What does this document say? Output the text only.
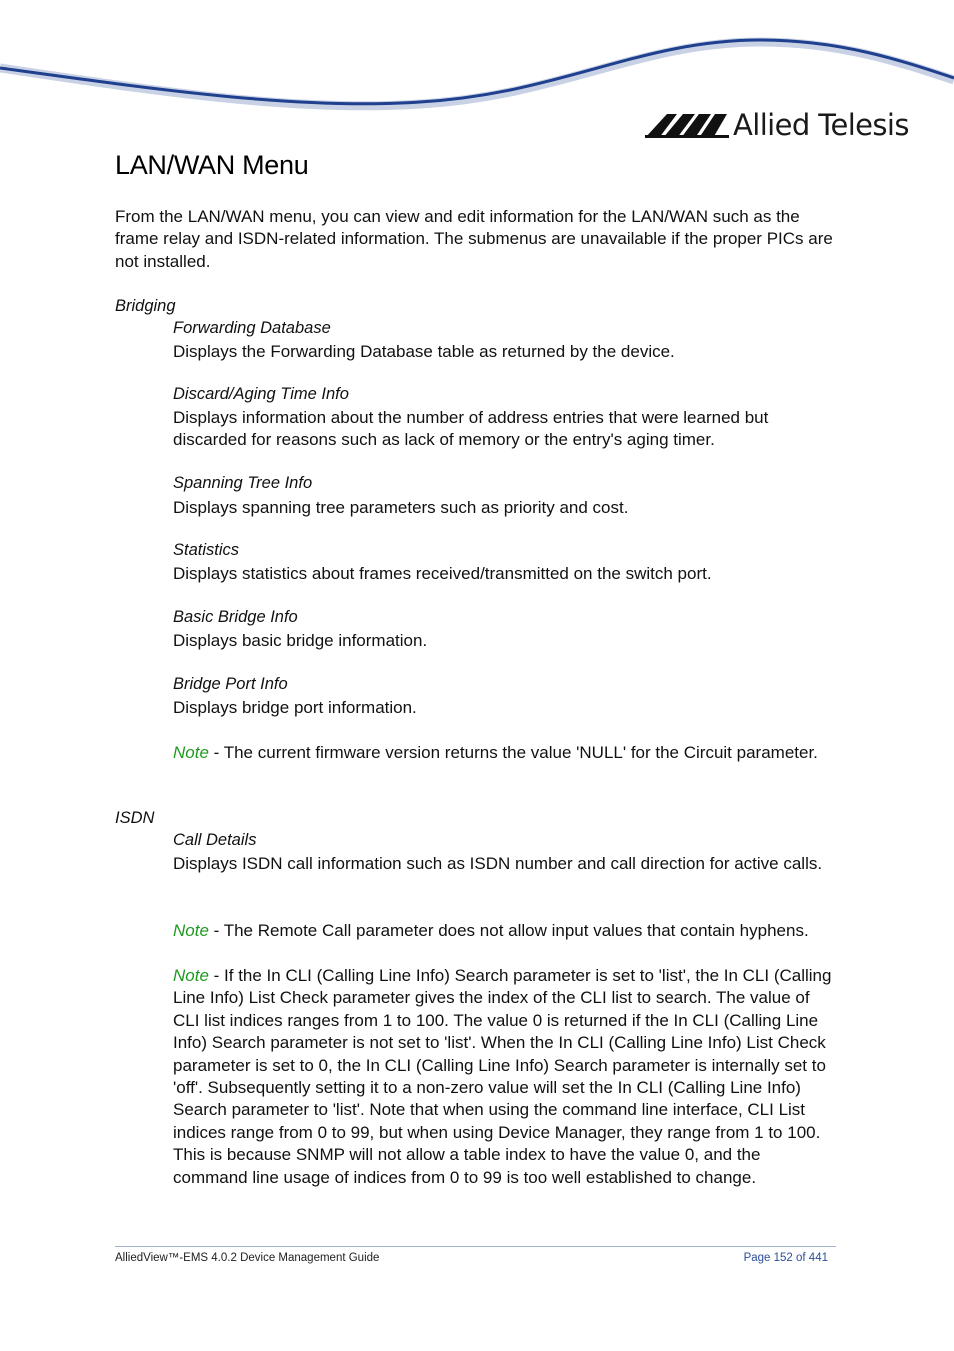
Allied Telesis
LAN/WAN Menu

From the LAN/WAN menu, you can view and edit information for the LAN/WAN such as the frame relay and ISDN-related information. The submenus are unavailable if the proper PICs are not installed.

Bridging

Forwarding Database

Displays the Forwarding Database table as returned by the device.

Discard/Aging Time Info

Displays information about the number of address entries that were learned but discarded for reasons such as lack of memory or the entry's aging timer.

Spanning Tree Info

Displays spanning tree parameters such as priority and cost.

Statistics

Displays statistics about frames received/transmitted on the switch port.

Basic Bridge Info

Displays basic bridge information.

Bridge Port Info

Displays bridge port information.

Note - The current firmware version returns the value 'NULL' for the Circuit parameter.

ISDN

Call Details

Displays ISDN call information such as ISDN number and call direction for active calls.

Note - The Remote Call parameter does not allow input values that contain hyphens.

Note - If the In CLI (Calling Line Info) Search parameter is set to 'list', the In CLI (Calling Line Info) List Check parameter gives the index of the CLI list to search. The value of CLI list indices ranges from 1 to 100. The value 0 is returned if the In CLI (Calling Line Info) Search parameter is not set to 'list'. When the In CLI (Calling Line Info) List Check parameter is set to 0, the In CLI (Calling Line Info) Search parameter is internally set to 'off'. Subsequently setting it to a non-zero value will set the In CLI (Calling Line Info) Search parameter to 'list'. Note that when using the command line interface, CLI List indices range from 0 to 99, but when using Device Manager, they range from 1 to 100. This is because SNMP will not allow a table index to have the value 0, and the command line usage of indices from 0 to 99 is too well established to change.

AlliedView™-EMS 4.0.2 Device Management Guide	Page 152 of 441
